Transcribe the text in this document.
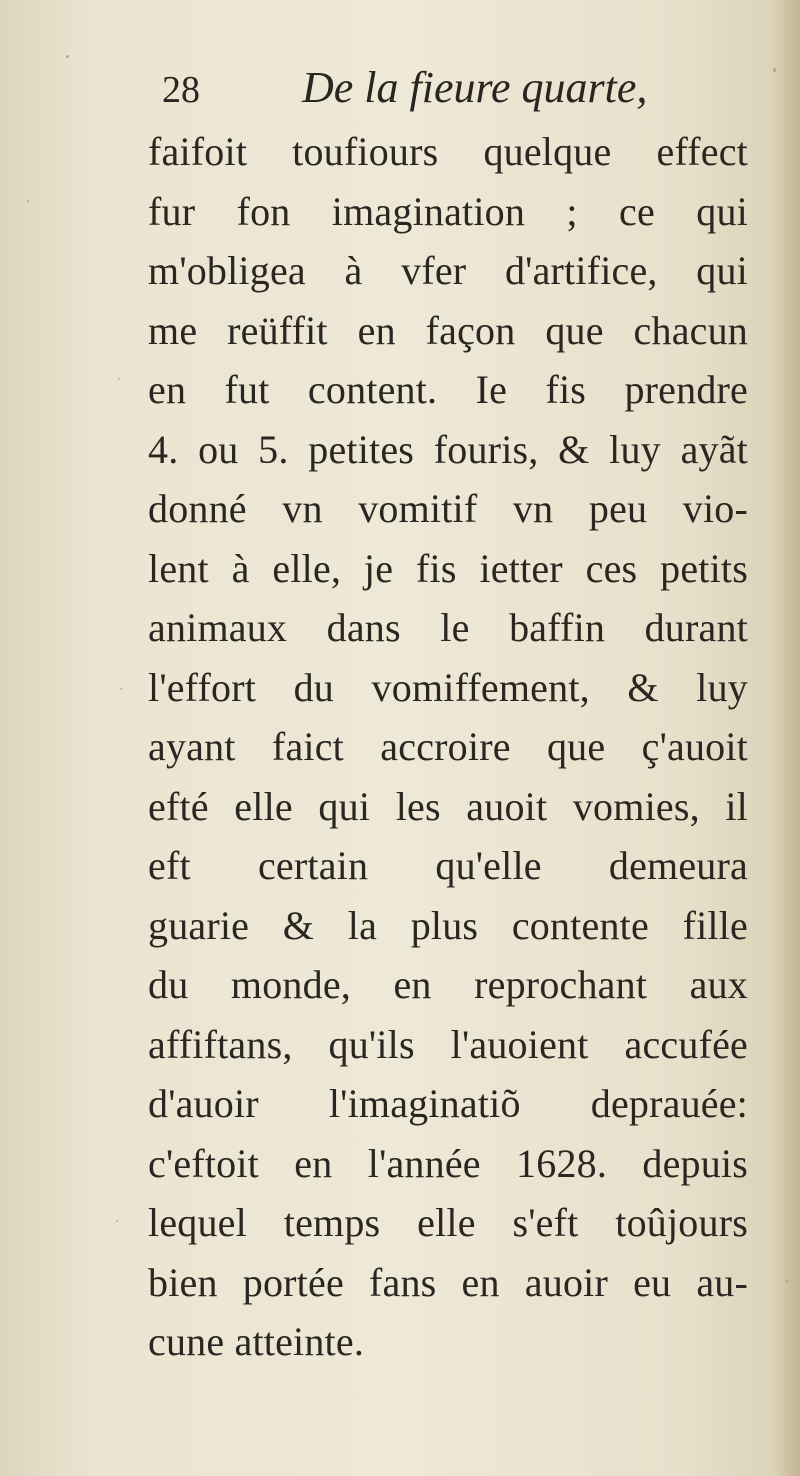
28 De la fieure quarte,
faifoit toufiours quelque effect
fur fon imagination ; ce qui
m'obligea à vfer d'artifice, qui
me reüffit en façon que chacun
en fut content. Ie fis prendre
4. ou 5. petites fouris, & luy ayãt
donné vn vomitif vn peu vio-
lent à elle, je fis ietter ces petits
animaux dans le baffin durant
l'effort du vomiffement, & luy
ayant faict accroire que ç'auoit
efté elle qui les auoit vomies, il
eft certain qu'elle demeura
guarie & la plus contente fille
du monde, en reprochant aux
affiftans, qu'ils l'auoient accufée
d'auoir l'imaginatiõ deprauée:
c'eftoit en l'année 1628. depuis
lequel temps elle s'eft toûjours
bien portée fans en auoir eu au-
cune atteinte.
